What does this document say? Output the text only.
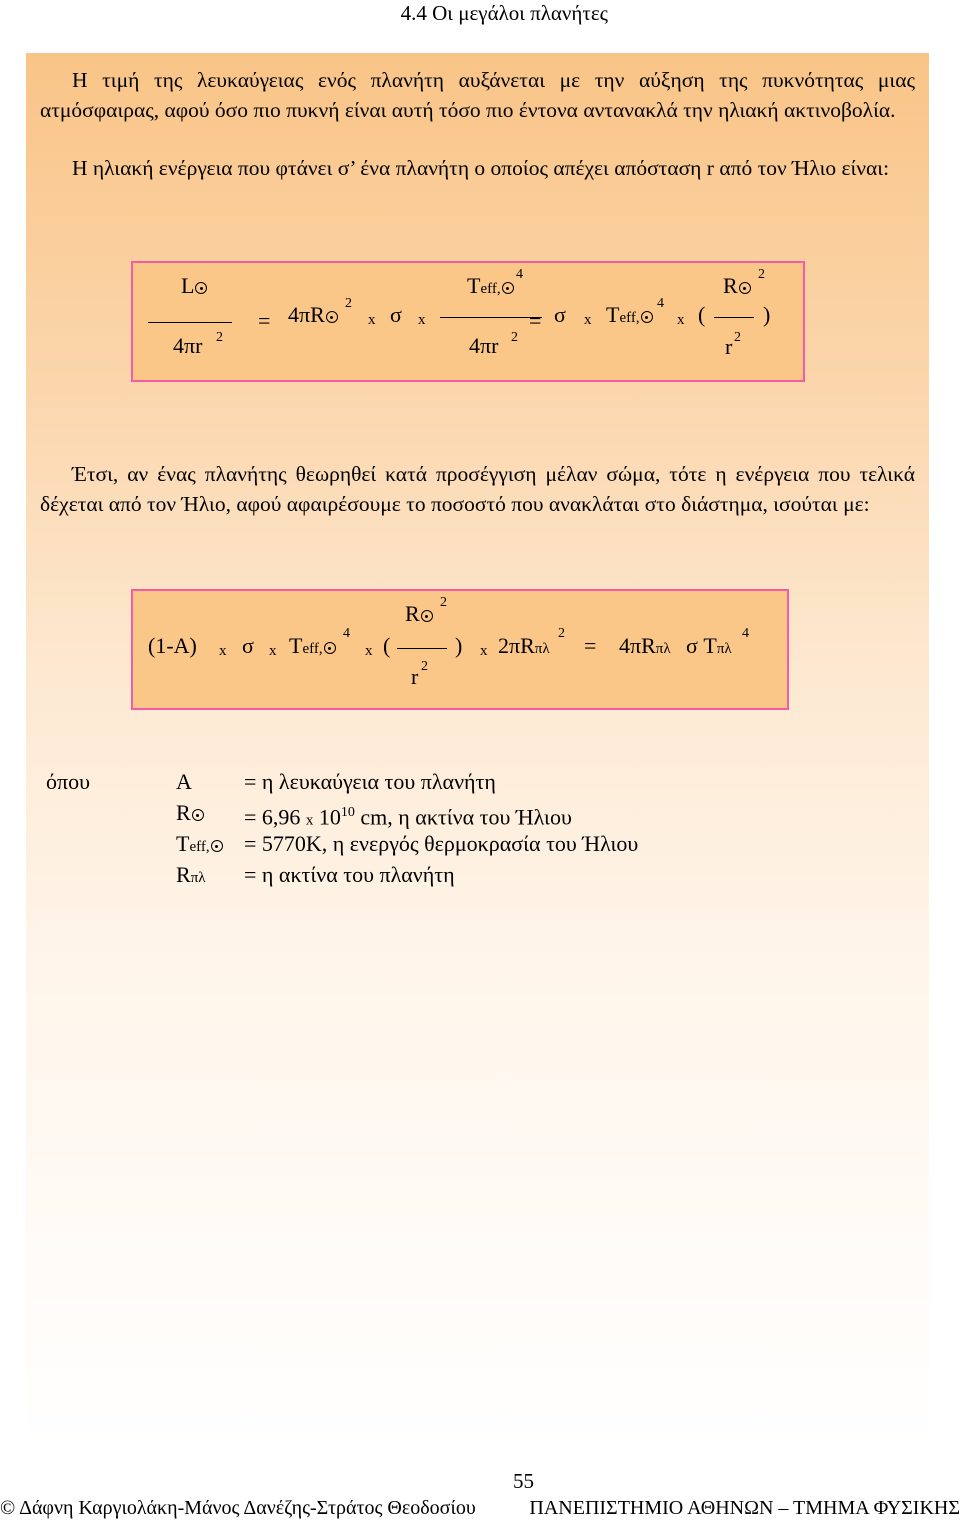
4.4 Οι μεγάλοι πλανήτες

Η τιμή της λευκαύγειας ενός πλανήτη αυξάνεται με την αύξηση της πυκνότητας μιας ατμόσφαιρας, αφού όσο πιο πυκνή είναι αυτή τόσο πιο έντονα αντανακλά την ηλιακή ακτινοβολία.

Η ηλιακή ενέργεια που φτάνει σ’ ένα πλανήτη ο οποίος απέχει απόσταση r από τον Ήλιο είναι:

L
4πr 2
= 4πR	2
x σ x
Teff,
4
4πr 2
= σ x Teff,
4
x (
R	2
r 2
)

Έτσι, αν ένας πλανήτης θεωρηθεί κατά προσέγγιση μέλαν σώμα, τότε η ενέργεια που τελικά δέχεται από τον Ήλιο, αφού αφαιρέσουμε το ποσοστό που ανακλάται στο διάστημα, ισούται με:

(1-A) x σ x Teff,
4
x (
R	2
r 2
) x 2πRπλ
2 = 4πRπλ σ Tπλ
4
όπου	A = η λευκαύγεια του πλανήτη
R	= 6,96 x $10^{10}$ cm, η ακτίνα του Ήλιου
Teff,	= 5770K, η ενεργός θερμοκρασία του Ήλιου
Rπλ = η ακτίνα του πλανήτη
55
© Δάφνη Καργιολάκη-Μάνος Δανέζης-Στράτος Θεοδοσίου	ΠΑΝΕΠΙΣΤΗΜΙΟ ΑΘΗΝΩΝ – ΤΜΗΜΑ ΦΥΣΙΚΗΣ
